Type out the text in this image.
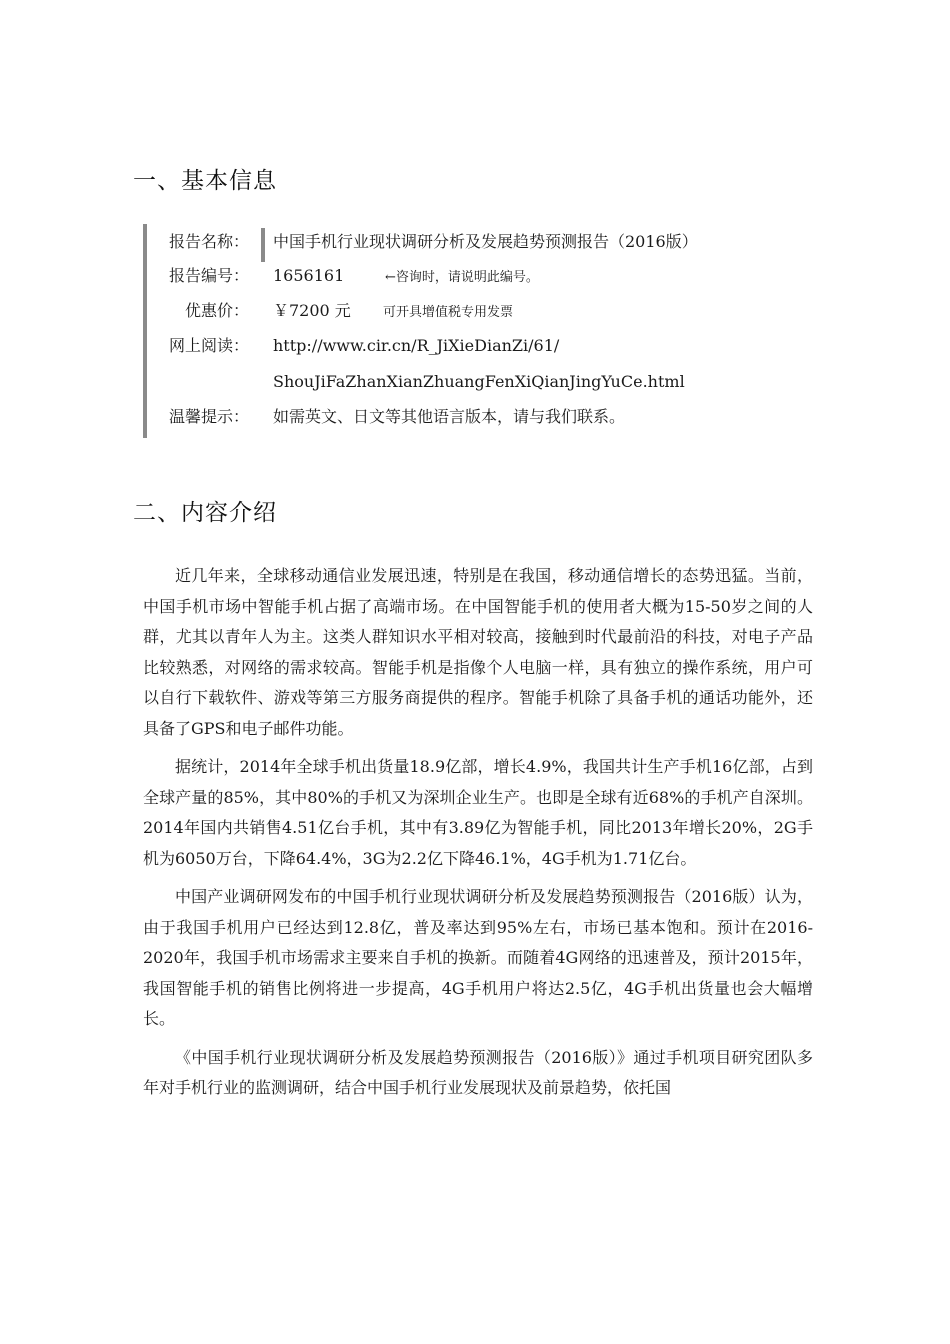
一、基本信息
报告名称： 中国手机行业现状调研分析及发展趋势预测报告（2016版）
报告编号： 1656161	←咨询时，请说明此编号。
优惠价：	￥7200 元 可开具增值税专用发票
网上阅读： http://www.cir.cn/R_JiXieDianZi/61/
ShouJiFaZhanXianZhuangFenXiQianJingYuCe.html
温馨提示： 如需英文、日文等其他语言版本，请与我们联系。
二、内容介绍

近几年来，全球移动通信业发展迅速，特别是在我国，移动通信增长的态势迅猛。当前，中国手机市场中智能手机占据了高端市场。在中国智能手机的使用者大概为15-50岁之间的人群，尤其以青年人为主。这类人群知识水平相对较高，接触到时代最前沿的科技，对电子产品比较熟悉，对网络的需求较高。智能手机是指像个人电脑一样，具有独立的操作系统，用户可以自行下载软件、游戏等第三方服务商提供的程序。智能手机除了具备手机的通话功能外，还具备了GPS和电子邮件功能。

据统计，2014年全球手机出货量18.9亿部，增长4.9%，我国共计生产手机16亿部，占到全球产量的85%，其中80%的手机又为深圳企业生产。也即是全球有近68%的手机产自深圳。2014年国内共销售4.51亿台手机，其中有3.89亿为智能手机，同比2013年增长20%，2G手机为6050万台，下降64.4%，3G为2.2亿下降46.1%，4G手机为1.71亿台。

中国产业调研网发布的中国手机行业现状调研分析及发展趋势预测报告（2016版）认为，由于我国手机用户已经达到12.8亿，普及率达到95%左右，市场已基本饱和。预计在2016-2020年，我国手机市场需求主要来自手机的换新。而随着4G网络的迅速普及，预计2015年，我国智能手机的销售比例将进一步提高，4G手机用户将达2.5亿，4G手机出货量也会大幅增长。

《中国手机行业现状调研分析及发展趋势预测报告（2016版）》通过手机项目研究团队多年对手机行业的监测调研，结合中国手机行业发展现状及前景趋势，依托国
